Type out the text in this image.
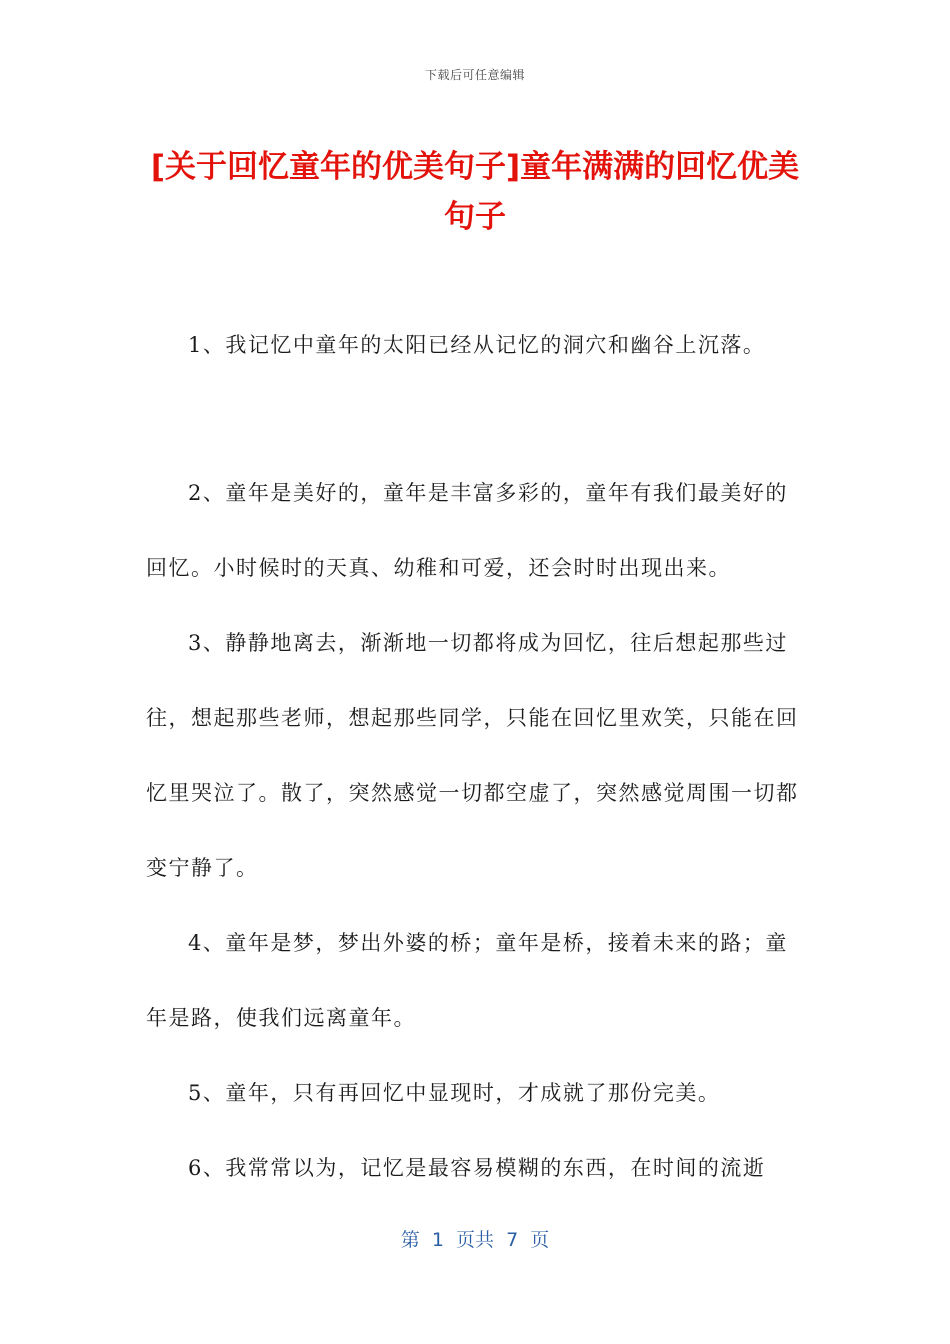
下载后可任意编辑
[关于回忆童年的优美句子]童年满满的回忆优美句子

1、我记忆中童年的太阳已经从记忆的洞穴和幽谷上沉落。

2、童年是美好的，童年是丰富多彩的，童年有我们最美好的回忆。小时候时的天真、幼稚和可爱，还会时时出现出来。

3、静静地离去，渐渐地一切都将成为回忆，往后想起那些过往，想起那些老师，想起那些同学，只能在回忆里欢笑，只能在回忆里哭泣了。散了，突然感觉一切都空虚了，突然感觉周围一切都变宁静了。

4、童年是梦，梦出外婆的桥；童年是桥，接着未来的路；童年是路，使我们远离童年。

5、童年，只有再回忆中显现时，才成就了那份完美。

6、我常常以为，记忆是最容易模糊的东西，在时间的流逝

第  1  页共  7  页
